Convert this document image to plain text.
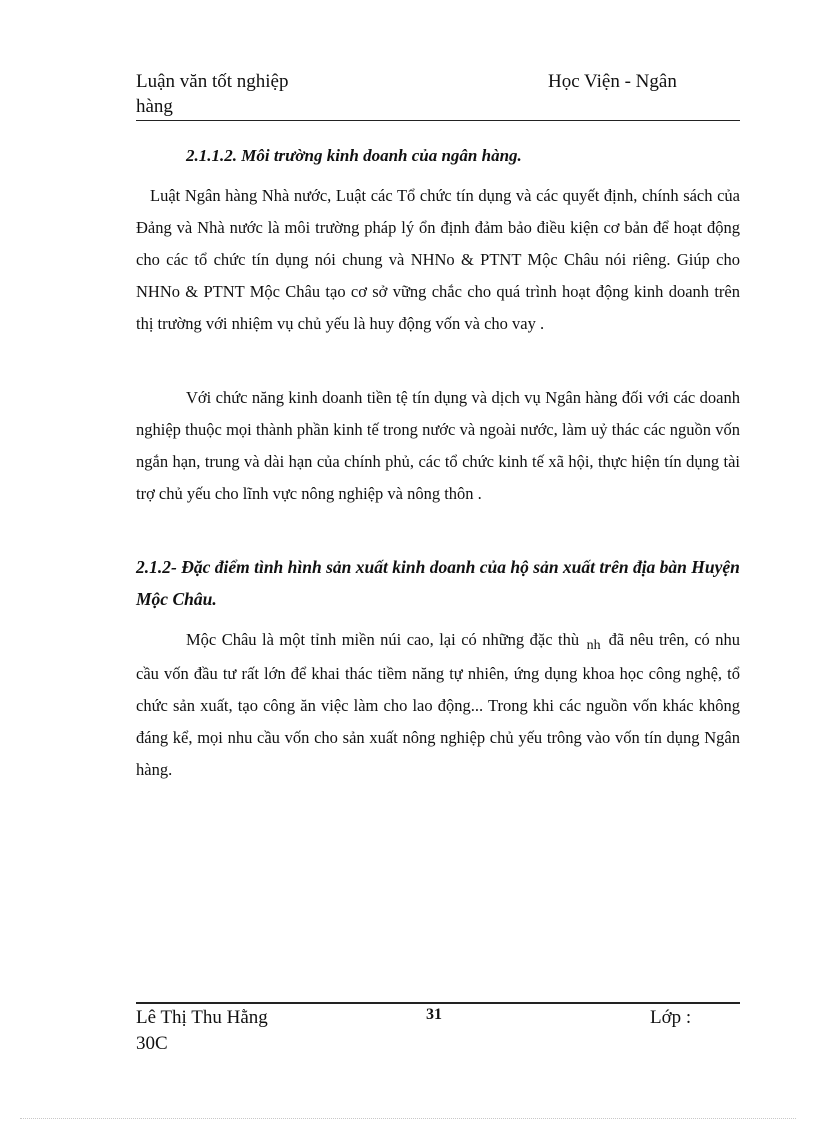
Luận văn tốt nghiệp	Học Viện - Ngân
hàng
2.1.1.2. Môi trường kinh doanh của ngân hàng.

Luật Ngân hàng Nhà nước, Luật các Tổ chức tín dụng và các quyết định, chính sách của Đảng và Nhà nước là môi trường pháp lý ổn định đảm bảo điều kiện cơ bản để hoạt động cho các tổ chức tín dụng nói chung và NHNo & PTNT Mộc Châu nói riêng. Giúp cho NHNo & PTNT Mộc Châu tạo cơ sở vững chắc cho quá trình hoạt động kinh doanh trên thị trường với nhiệm vụ chủ yếu là huy động vốn và cho vay .

Với chức năng kinh doanh tiền tệ tín dụng và dịch vụ Ngân hàng đối với các doanh nghiệp thuộc mọi thành phần kinh tế trong nước và ngoài nước, làm uỷ thác các nguồn vốn ngắn hạn, trung và dài hạn của chính phủ, các tổ chức kinh tế xã hội, thực hiện tín dụng tài trợ chủ yếu cho lĩnh vực nông nghiệp và nông thôn .

2.1.2- Đặc điểm tình hình sản xuất kinh doanh của hộ sản xuất trên địa bàn Huyện Mộc Châu.

Mộc Châu là một tỉnh miền núi cao, lại có những đặc thù $_{nh}$ đã nêu trên, có nhu cầu vốn đầu tư rất lớn để khai thác tiềm năng tự nhiên, ứng dụng khoa học công nghệ, tổ chức sản xuất, tạo công ăn việc làm cho lao động... Trong khi các nguồn vốn khác không đáng kể, mọi nhu cầu vốn cho sản xuất nông nghiệp chủ yếu trông vào vốn tín dụng Ngân hàng.

Lê Thị Thu Hằng	31	Lớp :
30C
